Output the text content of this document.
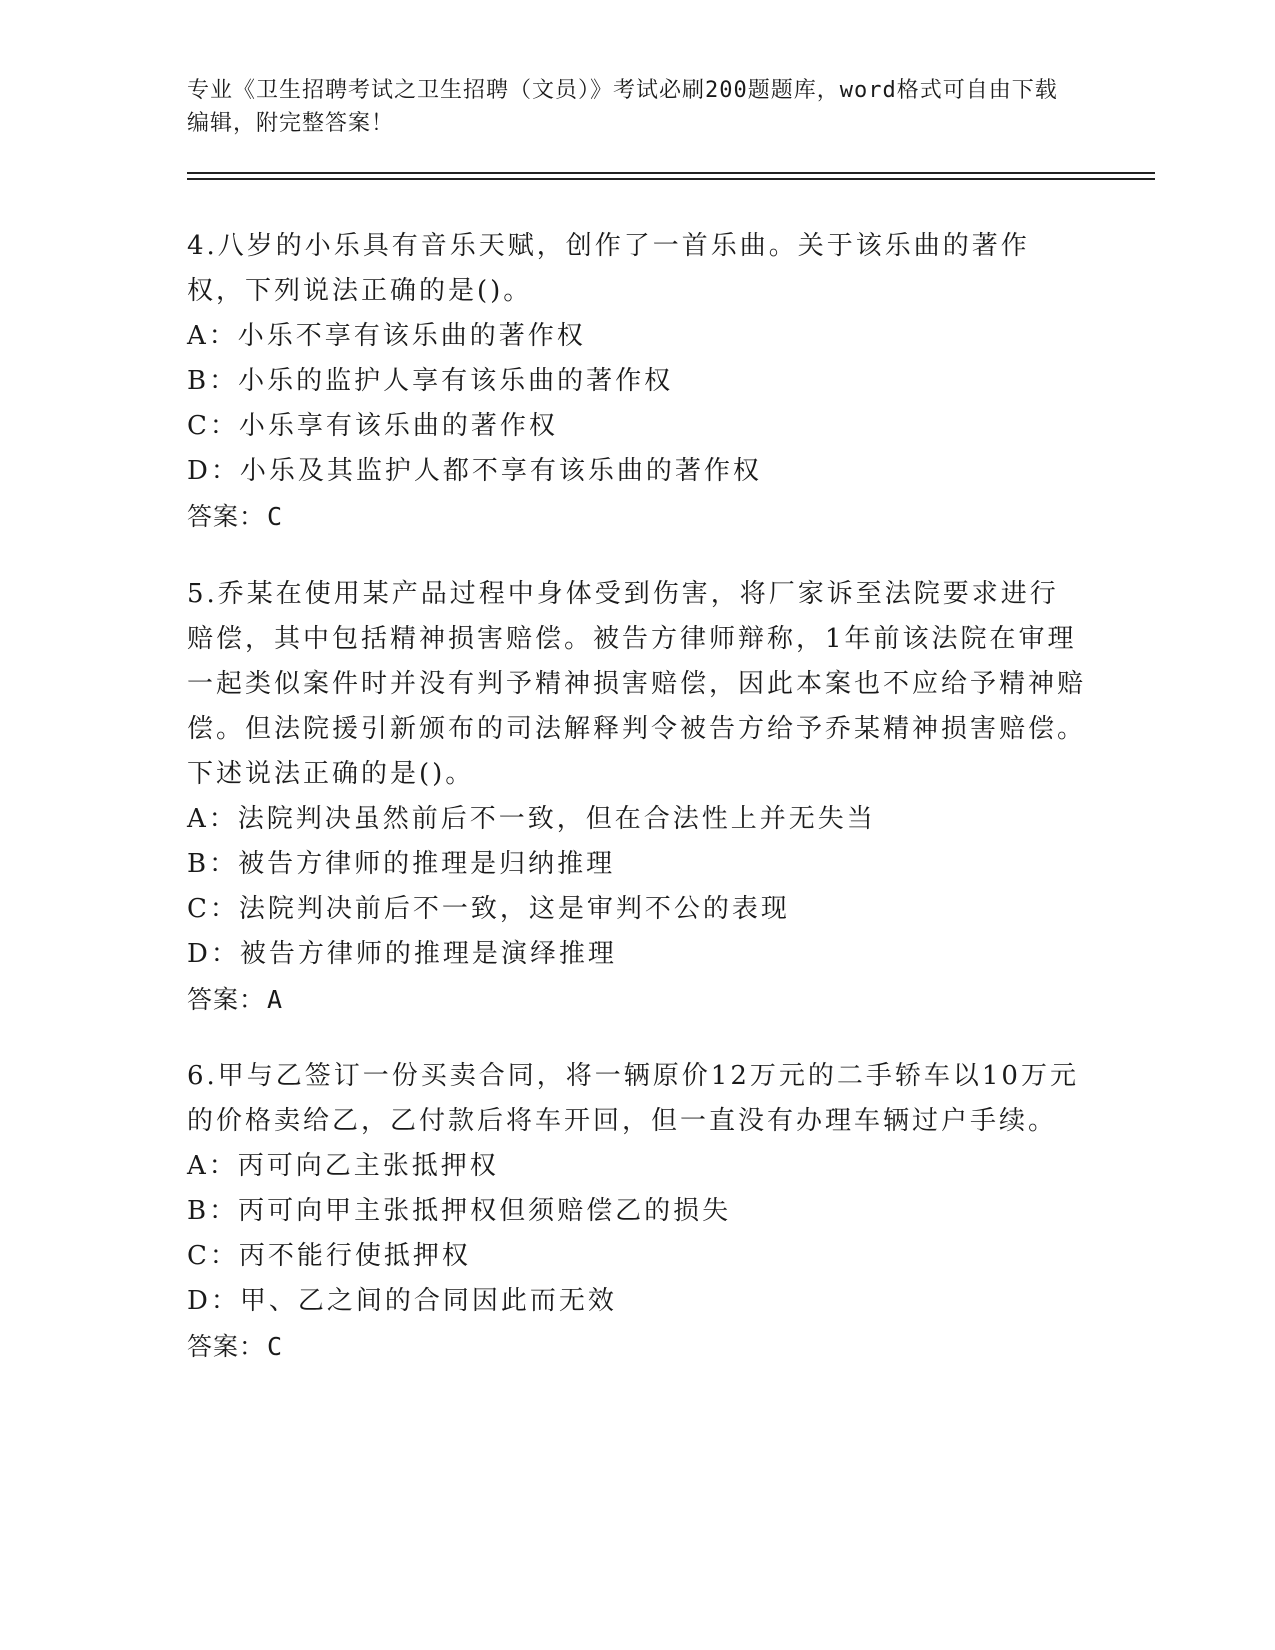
专业《卫生招聘考试之卫生招聘（文员）》考试必刷200题题库，word格式可自由下载编辑，附完整答案！

4.八岁的小乐具有音乐天赋，创作了一首乐曲。关于该乐曲的著作权，下列说法正确的是()。

A：小乐不享有该乐曲的著作权

B：小乐的监护人享有该乐曲的著作权

C：小乐享有该乐曲的著作权

D：小乐及其监护人都不享有该乐曲的著作权

答案：C

5.乔某在使用某产品过程中身体受到伤害，将厂家诉至法院要求进行赔偿，其中包括精神损害赔偿。被告方律师辩称，1年前该法院在审理一起类似案件时并没有判予精神损害赔偿，因此本案也不应给予精神赔偿。但法院援引新颁布的司法解释判令被告方给予乔某精神损害赔偿。下述说法正确的是()。

A：法院判决虽然前后不一致，但在合法性上并无失当

B：被告方律师的推理是归纳推理

C：法院判决前后不一致，这是审判不公的表现

D：被告方律师的推理是演绎推理

答案：A

6.甲与乙签订一份买卖合同，将一辆原价12万元的二手轿车以10万元的价格卖给乙，乙付款后将车开回，但一直没有办理车辆过户手续。

A：丙可向乙主张抵押权

B：丙可向甲主张抵押权但须赔偿乙的损失

C：丙不能行使抵押权

D：甲、乙之间的合同因此而无效

答案：C
